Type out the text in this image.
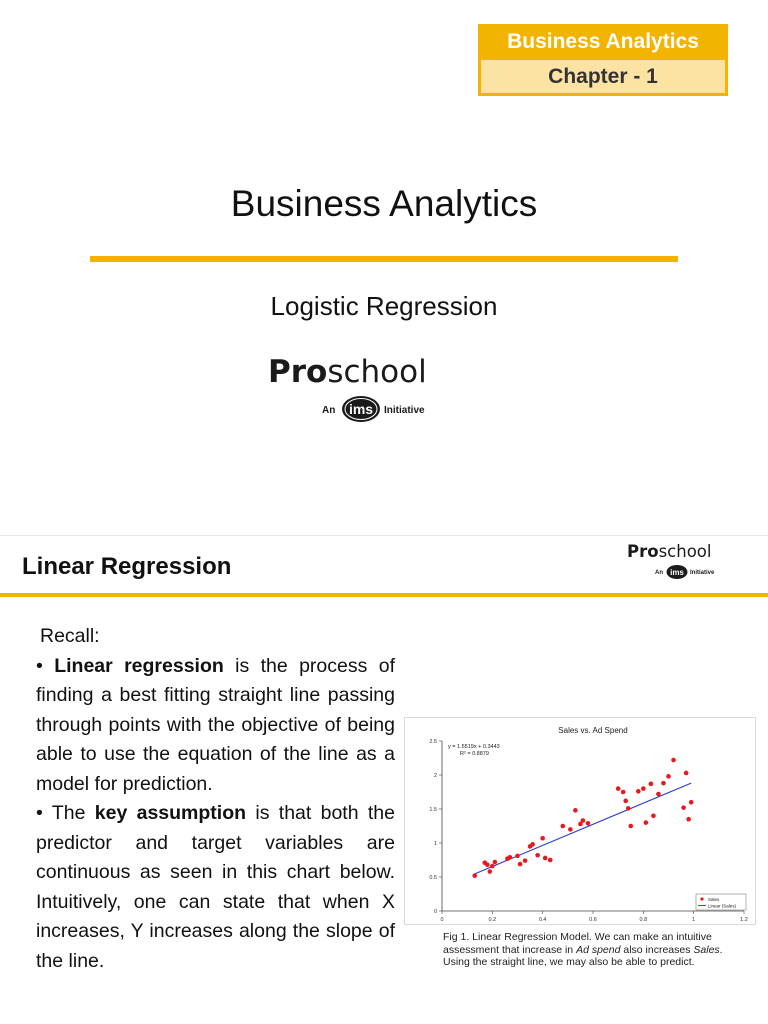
Business Analytics
Chapter - 1
Business Analytics
Logistic Regression
Proschool
An ims Initiative
Linear Regression
Proschool
An ims Initiative

Recall:

• Linear regression is the process of finding a best fitting straight line passing through points with the objective of being able to use the equation of the line as a model for prediction.

• The key assumption is that both the predictor and target variables are continuous as seen in this chart below. Intuitively, one can state that when X increases, Y increases along the slope of the line.

Sales vs. Ad Spend
0
0.5
1
1.5
2
2.5
0	0.2	0.4	0.6	0.8	1	1.2
y = 1.5519x + 0.3443
R² = 0.8879
Sales
Linear (Sales)
Fig 1. Linear Regression Model. We can make an intuitive assessment that increase in Ad spend also increases Sales. Using the straight line, we may also be able to predict.
